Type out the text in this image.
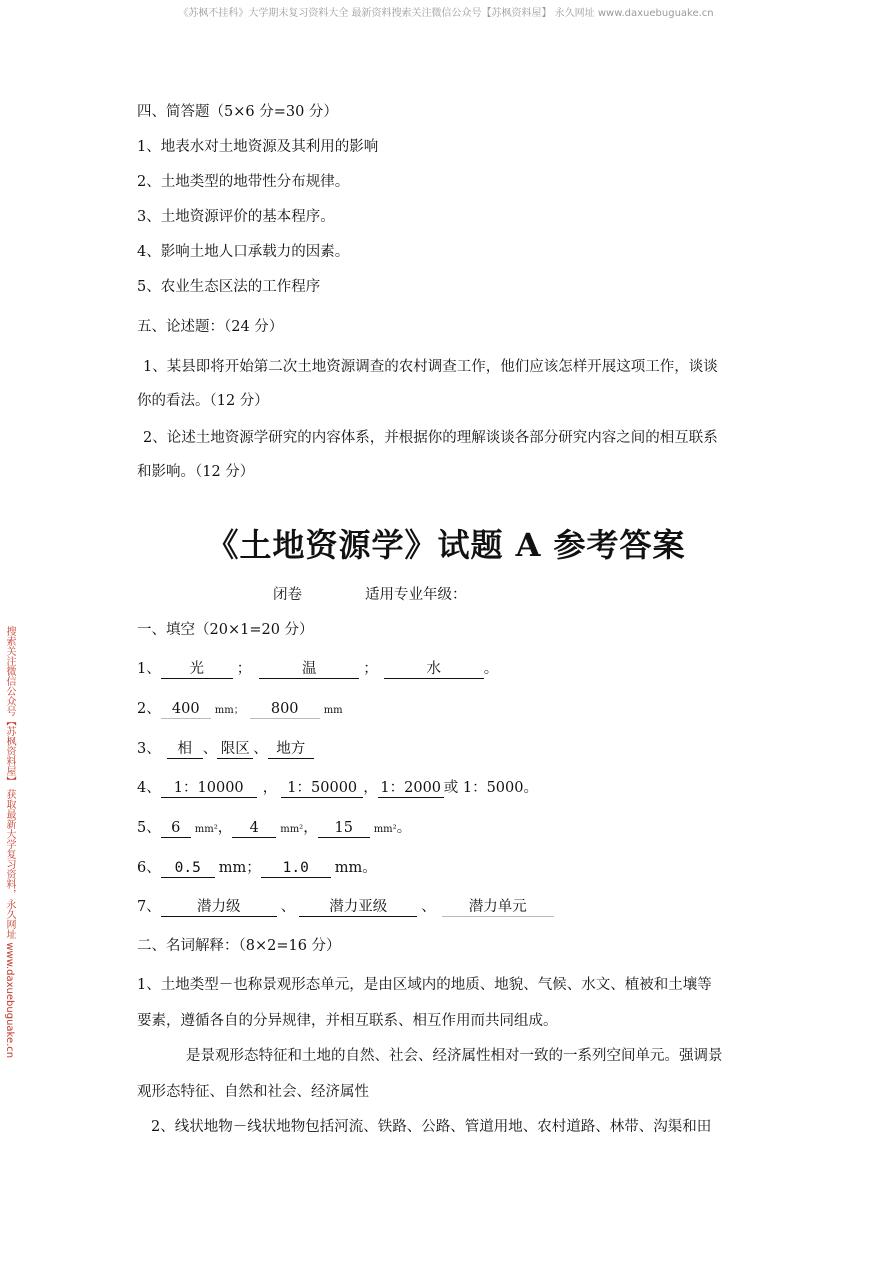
《苏枫不挂科》大学期末复习资料大全 最新资料搜索关注微信公众号【苏枫资料屋】 永久网址 www.daxuebuguake.cn
搜索关注微信公众号【苏枫资料屋】 获取最新大学复习资料，永久网址 www.daxuebuguake.cn
四、简答题（5×6 分=30 分）
1、地表水对土地资源及其利用的影响
2、土地类型的地带性分布规律。
3、土地资源评价的基本程序。
4、影响土地人口承载力的因素。
5、农业生态区法的工作程序
五、论述题：（24 分）
1、某县即将开始第二次土地资源调查的农村调查工作，他们应该怎样开展这项工作，谈谈
你的看法。（12 分）
2、论述土地资源学研究的内容体系，并根据你的理解谈谈各部分研究内容之间的相互联系
和影响。（12 分）
《土地资源学》试题 A 参考答案
闭卷	适用专业年级：
一、填空（20×1=20 分）
1、 光 ；	温	；	水	。
2、 400 mm； 800	mm
3、 相 、 限区 、 地方
4、 1：10000 ， 1：50000 ， 1：2000 或 1：5000。
5、 6 mm²， 4 mm²， 15 mm²。
6、 0.5 mm； 1.0 mm。
7、	潜力级	、 潜力亚级 、 潜力单元
二、名词解释：（8×2=16 分）
1、土地类型－也称景观形态单元，是由区域内的地质、地貌、气候、水文、植被和土壤等
要素，遵循各自的分异规律，并相互联系、相互作用而共同组成。
是景观形态特征和土地的自然、社会、经济属性相对一致的一系列空间单元。强调景
观形态特征、自然和社会、经济属性
2、线状地物－线状地物包括河流、铁路、公路、管道用地、农村道路、林带、沟渠和田
